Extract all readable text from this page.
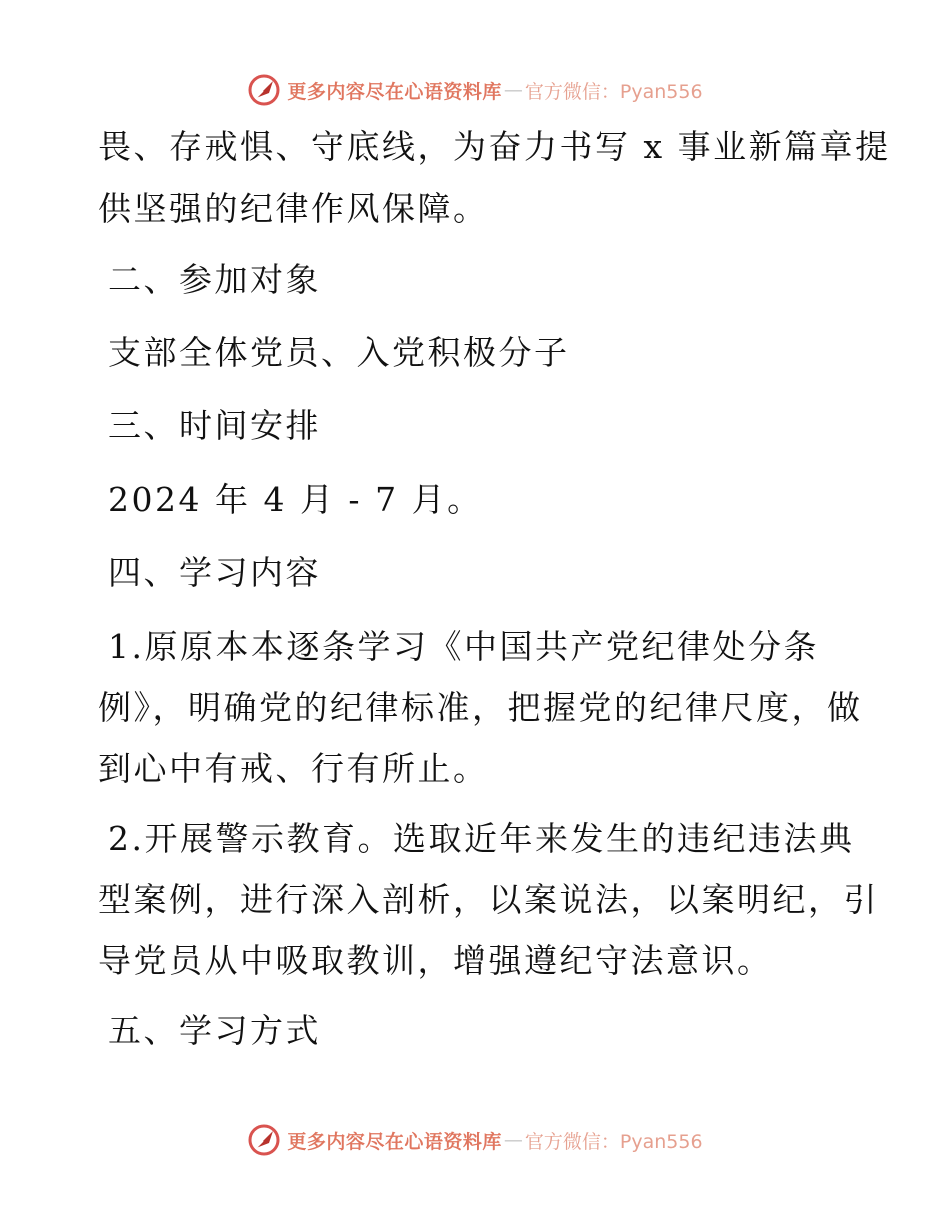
更多内容尽在心语资料库 — 官方微信：Pyan556
畏、存戒惧、守底线，为奋力书写 x 事业新篇章提
供坚强的纪律作风保障。
二、参加对象
支部全体党员、入党积极分子
三、时间安排
2024 年 4 月 - 7 月。
四、学习内容
1.原原本本逐条学习《中国共产党纪律处分条
例》，明确党的纪律标准，把握党的纪律尺度，做
到心中有戒、行有所止。
2.开展警示教育。选取近年来发生的违纪违法典
型案例，进行深入剖析，以案说法，以案明纪，引
导党员从中吸取教训，增强遵纪守法意识。
五、学习方式
更多内容尽在心语资料库 — 官方微信：Pyan556
